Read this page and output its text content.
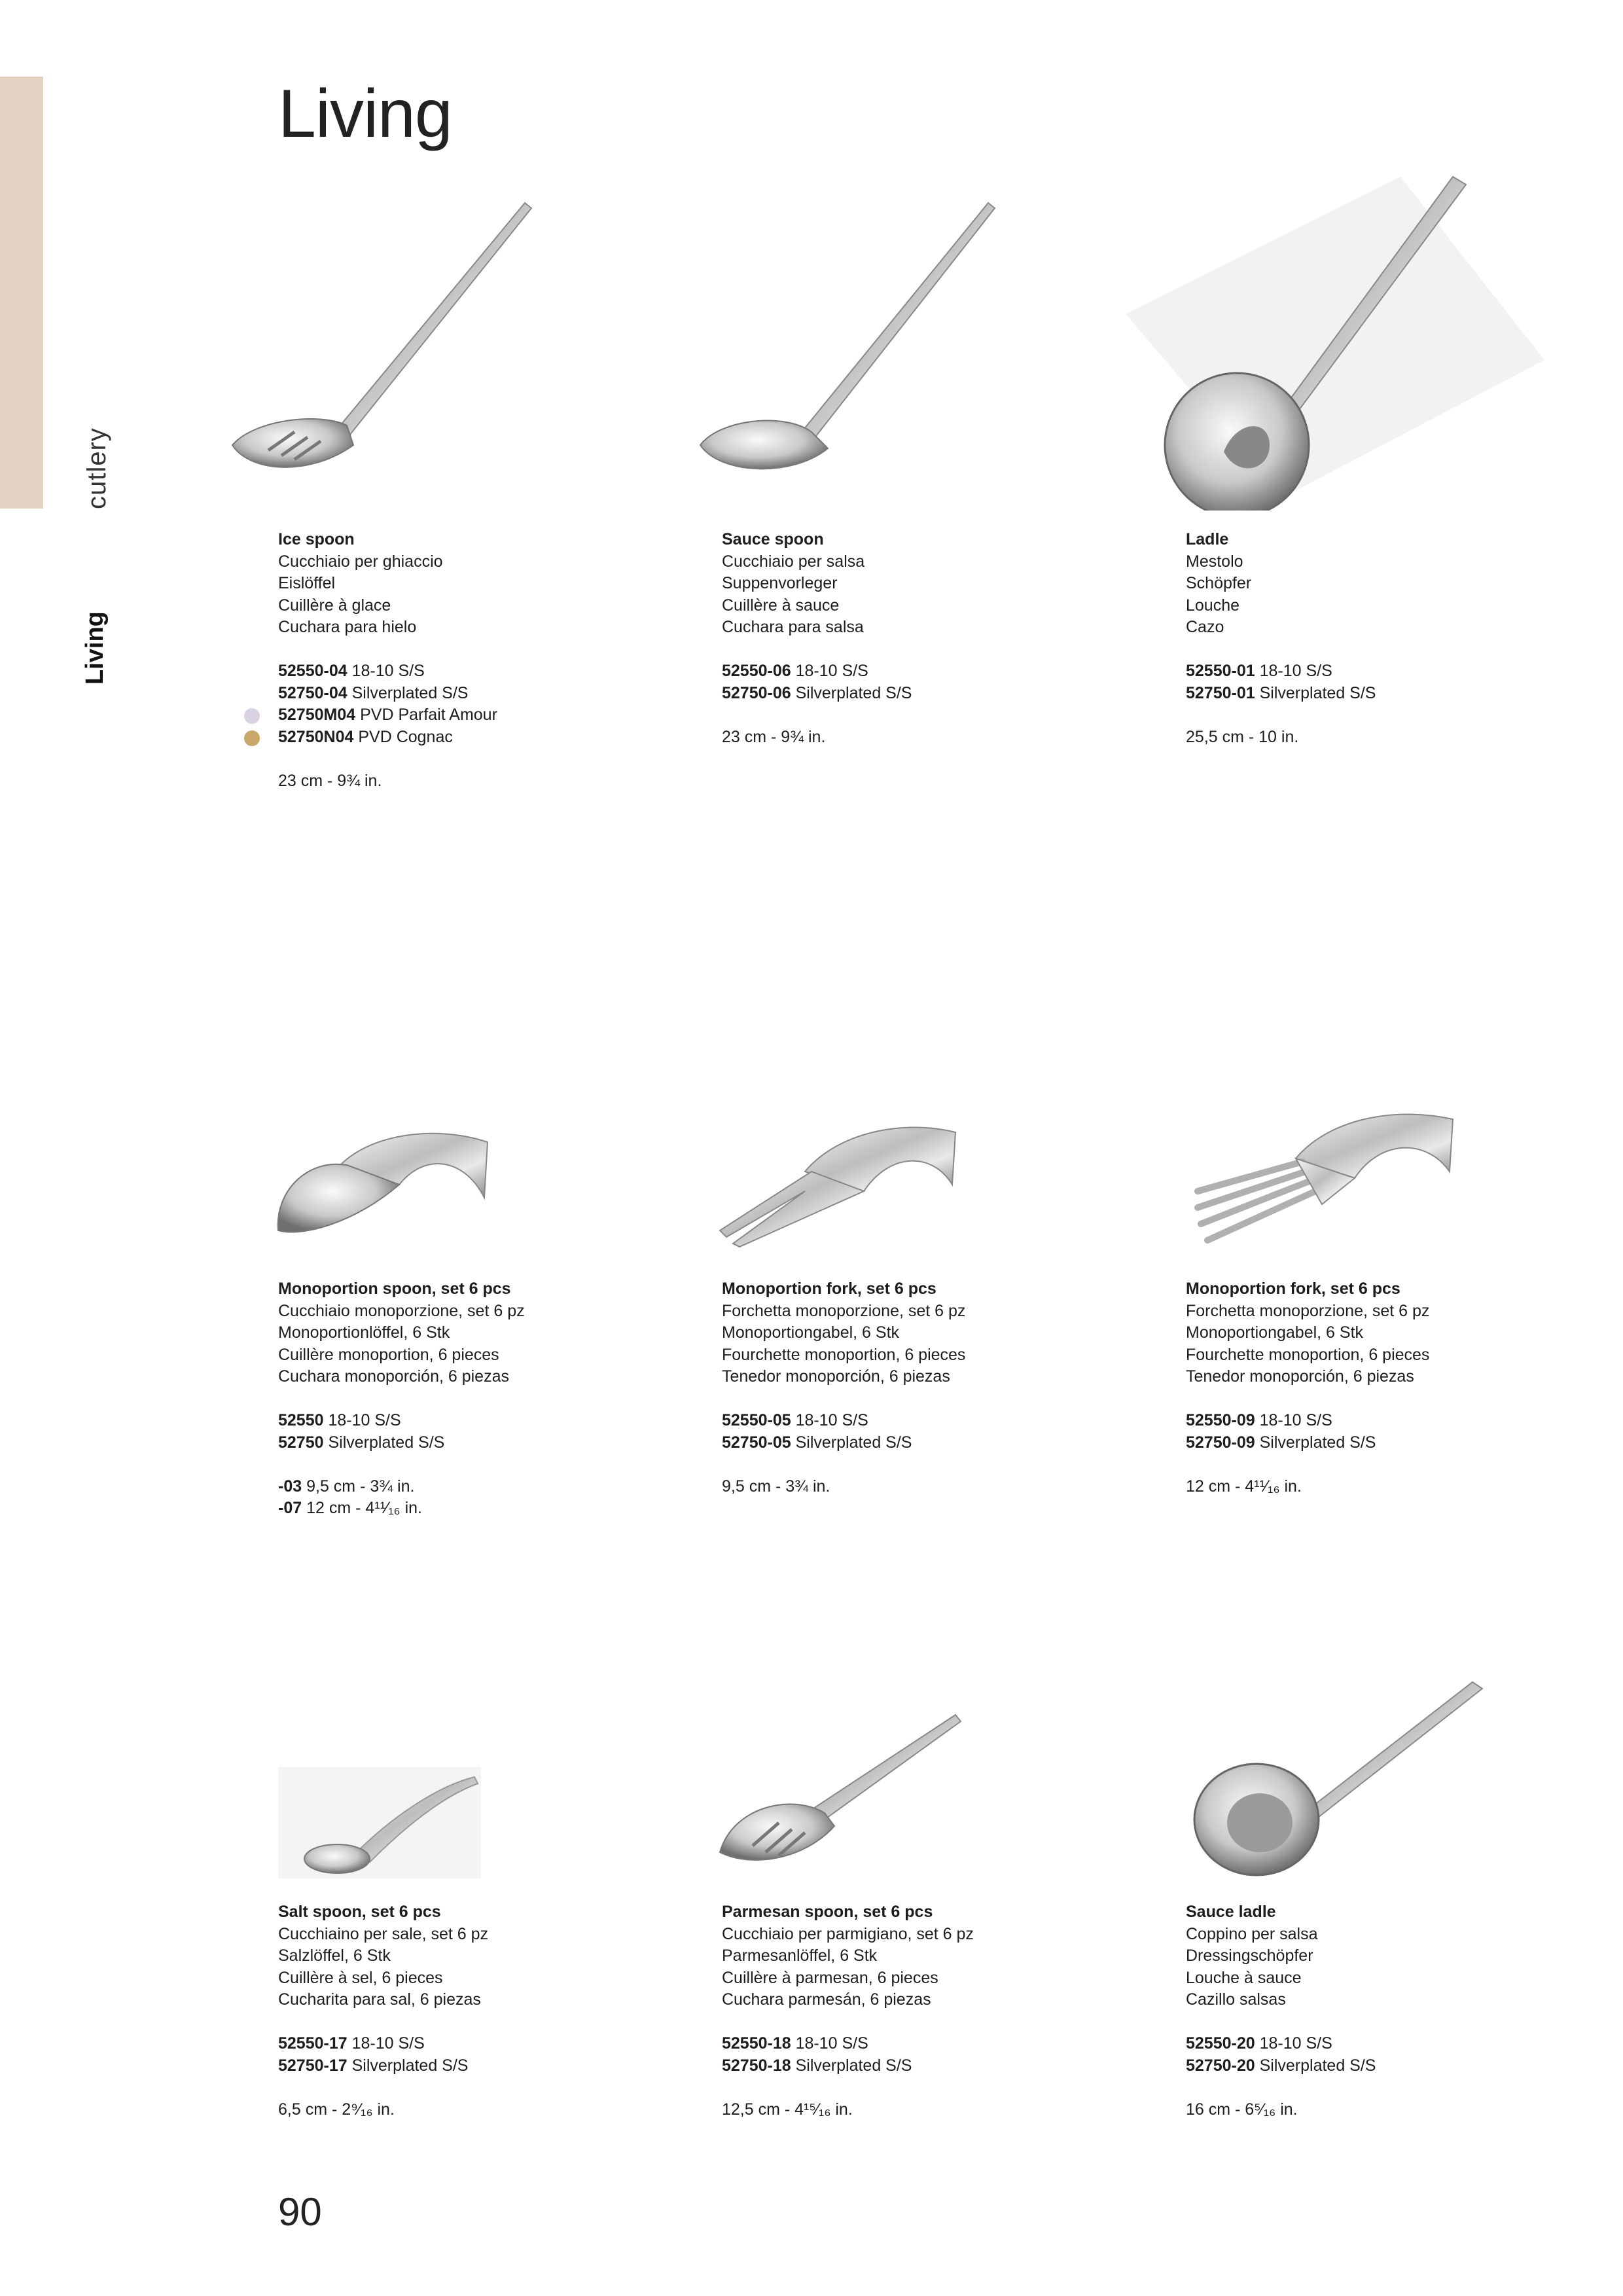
cutlery
Living
Living
Ice spoon
Cucchiaio per ghiaccio
Eislöffel
Cuillère à glace
Cuchara para hielo
52550-04 18-10 S/S
52750-04 Silverplated S/S
52750M04 PVD Parfait Amour
52750N04 PVD Cognac
23 cm - 9¾ in.
Sauce spoon
Cucchiaio per salsa
Suppenvorleger
Cuillère à sauce
Cuchara para salsa
52550-06 18-10 S/S
52750-06 Silverplated S/S
23 cm - 9¾ in.
Ladle
Mestolo
Schöpfer
Louche
Cazo
52550-01 18-10 S/S
52750-01 Silverplated S/S
25,5 cm - 10 in.
Monoportion spoon, set 6 pcs
Cucchiaio monoporzione, set 6 pz
Monoportionlöffel, 6 Stk
Cuillère monoportion, 6 pieces
Cuchara monoporción, 6 piezas
52550 18-10 S/S
52750 Silverplated S/S
-03 9,5 cm - 3¾ in.
-07 12 cm - 4¹¹⁄₁₆ in.
Monoportion fork, set 6 pcs
Forchetta monoporzione, set 6 pz
Monoportiongabel, 6 Stk
Fourchette monoportion, 6 pieces
Tenedor monoporción, 6 piezas
52550-05 18-10 S/S
52750-05 Silverplated S/S
9,5 cm - 3¾ in.
Monoportion fork, set 6 pcs
Forchetta monoporzione, set 6 pz
Monoportiongabel, 6 Stk
Fourchette monoportion, 6 pieces
Tenedor monoporción, 6 piezas
52550-09 18-10 S/S
52750-09 Silverplated S/S
12 cm - 4¹¹⁄₁₆ in.
Salt spoon, set 6 pcs
Cucchiaino per sale, set 6 pz
Salzlöffel, 6 Stk
Cuillère à sel, 6 pieces
Cucharita para sal, 6 piezas
52550-17 18-10 S/S
52750-17 Silverplated S/S
6,5 cm - 2⁹⁄₁₆ in.
Parmesan spoon, set 6 pcs
Cucchiaio per parmigiano, set 6 pz
Parmesanlöffel, 6 Stk
Cuillère à parmesan, 6 pieces
Cuchara parmesán, 6 piezas
52550-18 18-10 S/S
52750-18 Silverplated S/S
12,5 cm - 4¹⁵⁄₁₆ in.
Sauce ladle
Coppino per salsa
Dressingschöpfer
Louche à sauce
Cazillo salsas
52550-20 18-10 S/S
52750-20 Silverplated S/S
16 cm - 6⁵⁄₁₆ in.
90
